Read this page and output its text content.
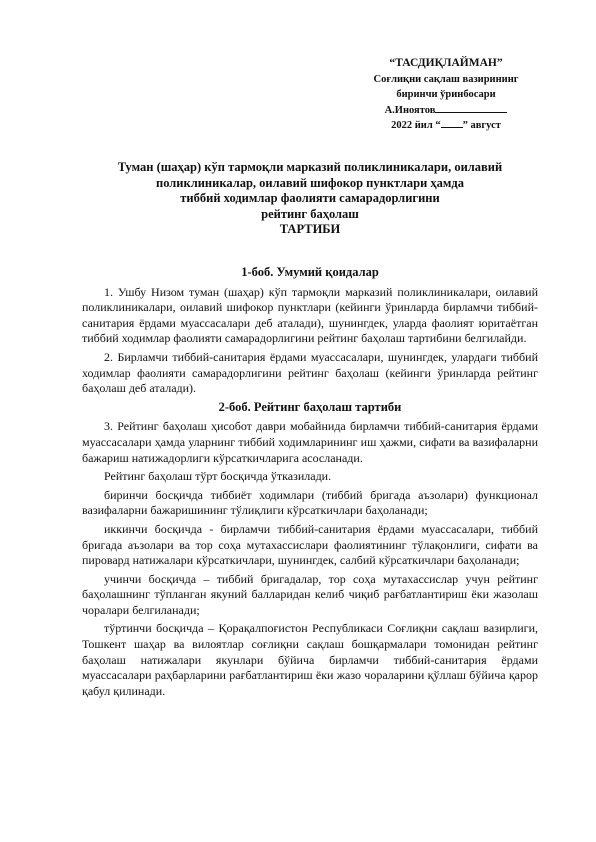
“ТАСДИҚЛАЙМАН”
Соғлиқни сақлаш вазирининг
биринчи ўринбосари
А.Иноятов
2022 йил “ ” август
Туман (шаҳар) кўп тармоқли марказий поликлиникалари, оилавий
поликлиникалар, оилавий шифокор пунктлари ҳамда
тиббий ходимлар фаолияти самарадорлигини
рейтинг баҳолаш
ТАРТИБИ
1-боб. Умумий қоидалар

1. Ушбу Низом туман (шаҳар) кўп тармоқли марказий поликлиникалари, оилавий поликлиникалари, оилавий шифокор пунктлари (кейинги ўринларда бирламчи тиббий-санитария ёрдами муассасалари деб аталади), шунингдек, уларда фаолият юритаётган тиббий ходимлар фаолияти самарадорлигини рейтинг баҳолаш тартибини белгилайди.

2. Бирламчи тиббий-санитария ёрдами муассасалари, шунингдек, улардаги тиббий ходимлар фаолияти самарадорлигини рейтинг баҳолаш (кейинги ўринларда рейтинг баҳолаш деб аталади).

2-боб. Рейтинг баҳолаш тартиби

3. Рейтинг баҳолаш ҳисобот даври мобайнида бирламчи тиббий-санитария ёрдами муассасалари ҳамда уларнинг тиббий ходимларининг иш ҳажми, сифати ва вазифаларни бажариш натижадорлиги кўрсаткичларига асосланади.

Рейтинг баҳолаш тўрт босқичда ўтказилади.

биринчи босқичда тиббиёт ходимлари (тиббий бригада аъзолари) функционал вазифаларни бажаришининг тўлиқлиги кўрсаткичлари баҳоланади;

иккинчи босқичда - бирламчи тиббий-санитария ёрдами муассасалари, тиббий бригада аъзолари ва тор соҳа мутахассислари фаолиятининг тўлақонлиги, сифати ва пировард натижалари кўрсаткичлари, шунингдек, салбий кўрсаткичлари баҳоланади;

учинчи босқичда – тиббий бригадалар, тор соҳа мутахассислар учун рейтинг баҳолашнинг тўпланган якуний балларидан келиб чиқиб рағбатлантириш ёки жазолаш чоралари белгиланади;

тўртинчи босқичда – Қорақалпоғистон Республикаси Соғлиқни сақлаш вазирлиги, Тошкент шаҳар ва вилоятлар соғлиқни сақлаш бошқармалари томонидан рейтинг баҳолаш натижалари якунлари бўйича бирламчи тиббий-санитария ёрдами муассасалари раҳбарларини рағбатлантириш ёки жазо чораларини қўллаш бўйича қарор қабул қилинади.
